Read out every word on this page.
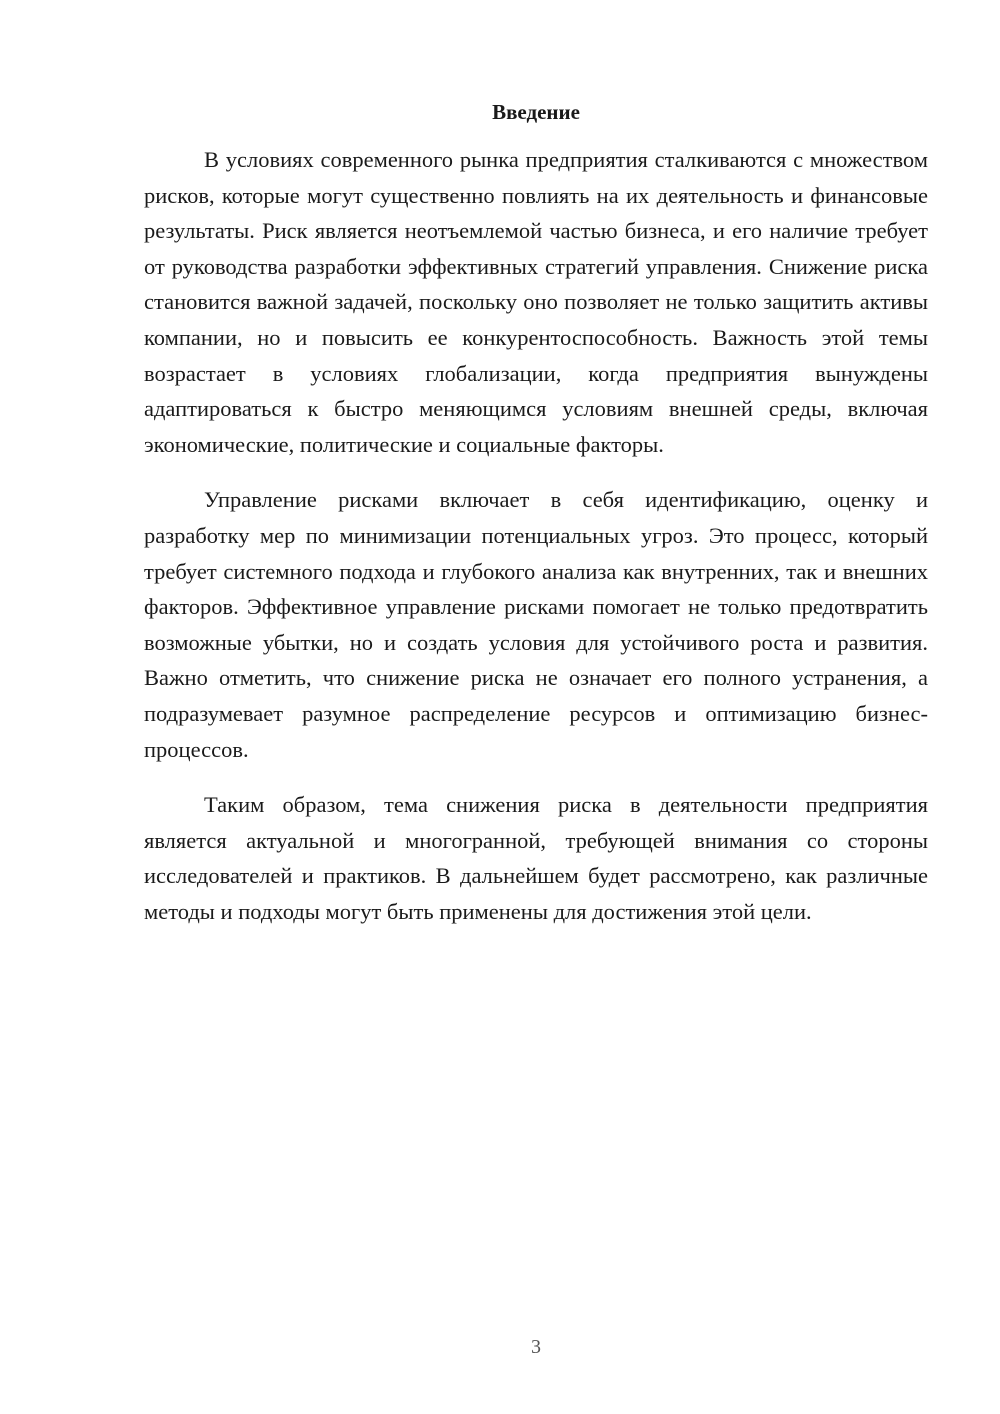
Введение

В условиях современного рынка предприятия сталкиваются с множеством рисков, которые могут существенно повлиять на их деятельность и финансовые результаты. Риск является неотъемлемой частью бизнеса, и его наличие требует от руководства разработки эффективных стратегий управления. Снижение риска становится важной задачей, поскольку оно позволяет не только защитить активы компании, но и повысить ее конкурентоспособность. Важность этой темы возрастает в условиях глобализации, когда предприятия вынуждены адаптироваться к быстро меняющимся условиям внешней среды, включая экономические, политические и социальные факторы.

Управление рисками включает в себя идентификацию, оценку и разработку мер по минимизации потенциальных угроз. Это процесс, который требует системного подхода и глубокого анализа как внутренних, так и внешних факторов. Эффективное управление рисками помогает не только предотвратить возможные убытки, но и создать условия для устойчивого роста и развития. Важно отметить, что снижение риска не означает его полного устранения, а подразумевает разумное распределение ресурсов и оптимизацию бизнес-процессов.

Таким образом, тема снижения риска в деятельности предприятия является актуальной и многогранной, требующей внимания со стороны исследователей и практиков. В дальнейшем будет рассмотрено, как различные методы и подходы могут быть применены для достижения этой цели.

3
